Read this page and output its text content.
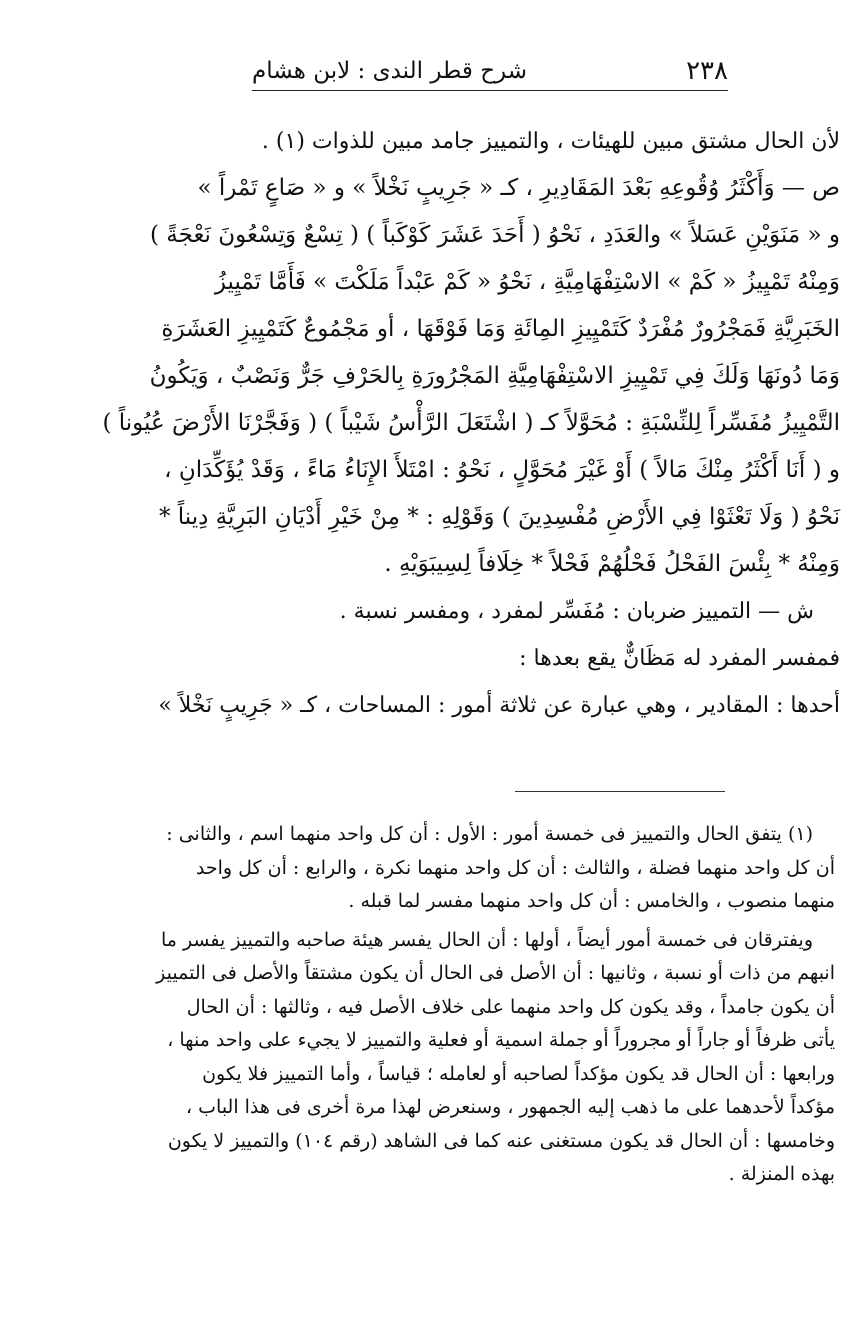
٢٣٨
شرح قطر الندى : لابن هشام

لأن الحال مشتق مبين للهيئات ، والتمييز جامد مبين للذوات (١) .

ص — وَأَكْثَرُ وُقُوعِهِ بَعْدَ المَقَادِيرِ ، كـ « جَرِيبٍ نَخْلاً » و « صَاعٍ تَمْراً »

و « مَنَوَيْنِ عَسَلاً » والعَدَدِ ، نَحْوُ ( أَحَدَ عَشَرَ كَوْكَباً ) ( تِسْعٌ وَتِسْعُونَ نَعْجَةً )

وَمِنْهُ تَمْيِيزُ « كَمْ » الاسْتِفْهَامِيَّةِ ، نَحْوُ « كَمْ عَبْداً مَلَكْتَ » فَأَمَّا تَمْيِيزُ

الخَبَرِيَّةِ فَمَجْرُورٌ مُفْرَدٌ كَتَمْيِيزِ المِائَةِ وَمَا فَوْقَهَا ، أو مَجْمُوعٌ كَتَمْيِيزِ العَشَرَةِ

وَمَا دُونَهَا وَلَكَ فِي تَمْيِيزِ الاسْتِفْهَامِيَّةِ المَجْرُورَةِ بِالحَرْفِ جَرٌّ وَنَصْبٌ ، وَيَكُونُ

التَّمْيِيزُ مُفَسِّراً لِلنِّسْبَةِ : مُحَوَّلاً كـ ( اشْتَعَلَ الرَّأْسُ شَيْباً ) ( وَفَجَّرْنَا الأَرْضَ عُيُوناً )

و ( أَنَا أَكْثَرُ مِنْكَ مَالاً ) أَوْ غَيْرَ مُحَوَّلٍ ، نَحْوُ : امْتَلأَ الإِنَاءُ مَاءً ، وَقَدْ يُؤَكِّدَانِ ،

نَحْوُ ( وَلَا تَعْثَوْا فِي الأَرْضِ مُفْسِدِينَ ) وَقَوْلِهِ : * مِنْ خَيْرِ أَدْيَانِ البَرِيَّةِ دِيناً *

وَمِنْهُ * بِئْسَ الفَحْلُ فَحْلُهُمْ فَحْلاً * خِلَافاً لِسِيبَوَيْهِ .

ش — التمييز ضربان : مُفَسِّر لمفرد ، ومفسر نسبة .

فمفسر المفرد له مَظَانٌّ يقع بعدها :

أحدها : المقادير ، وهي عبارة عن ثلاثة أمور : المساحات ، كـ « جَرِيبٍ نَخْلاً »

(١) يتفق الحال والتمييز فى خمسة أمور : الأول : أن كل واحد منهما اسم ، والثانى :

أن كل واحد منهما فضلة ، والثالث : أن كل واحد منهما نكرة ، والرابع : أن كل واحد

منهما منصوب ، والخامس : أن كل واحد منهما مفسر لما قبله .

ويفترقان فى خمسة أمور أيضاً ، أولها : أن الحال يفسر هيئة صاحبه والتمييز يفسر ما

انبهم من ذات أو نسبة ، وثانيها : أن الأصل فى الحال أن يكون مشتقاً والأصل فى التمييز

أن يكون جامداً ، وقد يكون كل واحد منهما على خلاف الأصل فيه ، وثالثها : أن الحال

يأتى ظرفاً أو جاراً أو مجروراً أو جملة اسمية أو فعلية والتمييز لا يجيء على واحد منها ،

ورابعها : أن الحال قد يكون مؤكداً لصاحبه أو لعامله ؛ قياساً ، وأما التمييز فلا يكون

مؤكداً لأحدهما على ما ذهب إليه الجمهور ، وسنعرض لهذا مرة أخرى فى هذا الباب ،

وخامسها : أن الحال قد يكون مستغنى عنه كما فى الشاهد (رقم ١٠٤) والتمييز لا يكون

بهذه المنزلة .
